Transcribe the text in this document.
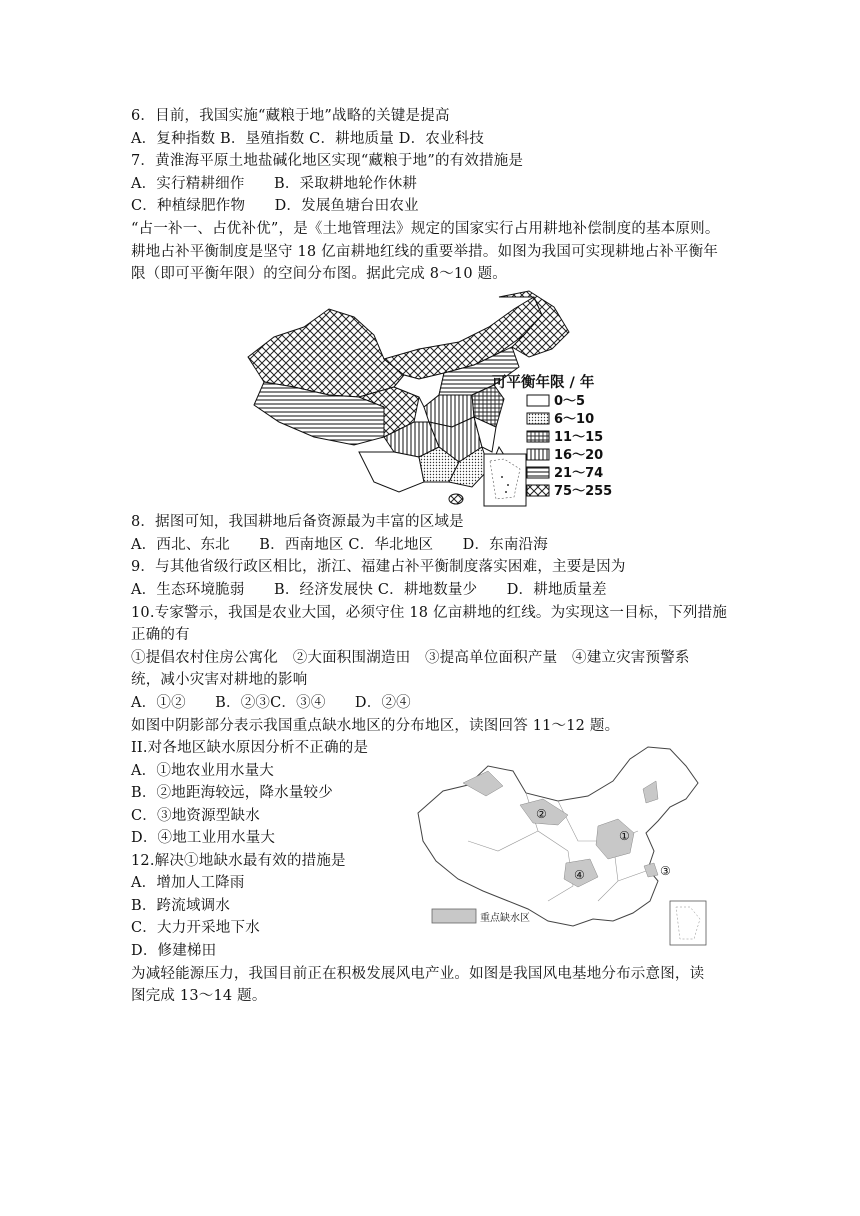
6．目前，我国实施“藏粮于地”战略的关键是提高
A．复种指数 B．垦殖指数 C．耕地质量 D．农业科技
7．黄淮海平原土地盐碱化地区实现“藏粮于地”的有效措施是
A．实行精耕细作　　B．采取耕地轮作休耕
C．种植绿肥作物　　D．发展鱼塘台田农业
“占一补一、占优补优”，是《土地管理法》规定的国家实行占用耕地补偿制度的基本原则。
耕地占补平衡制度是坚守 18 亿亩耕地红线的重要举措。如图为我国可实现耕地占补平衡年
限（即可平衡年限）的空间分布图。据此完成 8～10 题。
可平衡年限 / 年
0～5
6～10
11～15
16～20
21～74
75～255
8．据图可知，我国耕地后备资源最为丰富的区域是
A．西北、东北　　B．西南地区 C．华北地区　　D．东南沿海
9．与其他省级行政区相比，浙江、福建占补平衡制度落实困难，主要是因为
A．生态环境脆弱　　B．经济发展快 C．耕地数量少　　D．耕地质量差
10.专家警示，我国是农业大国，必须守住 18 亿亩耕地的红线。为实现这一目标，下列措施
正确的有
①提倡农村住房公寓化　②大面积围湖造田　③提高单位面积产量　④建立灾害预警系
统，减小灾害对耕地的影响
A．①②　　B．②③C．③④　　D．②④
如图中阴影部分表示我国重点缺水地区的分布地区，读图回答 11～12 题。
II.对各地区缺水原因分析不正确的是
A．①地农业用水量大
B．②地距海较远，降水量较少
C．③地资源型缺水
D．④地工业用水量大
12.解决①地缺水最有效的措施是
A．增加人工降雨
B．跨流域调水
C．大力开采地下水
D．修建梯田
①
②
③
④
重点缺水区
为减轻能源压力，我国目前正在积极发展风电产业。如图是我国风电基地分布示意图，读
图完成 13～14 题。
